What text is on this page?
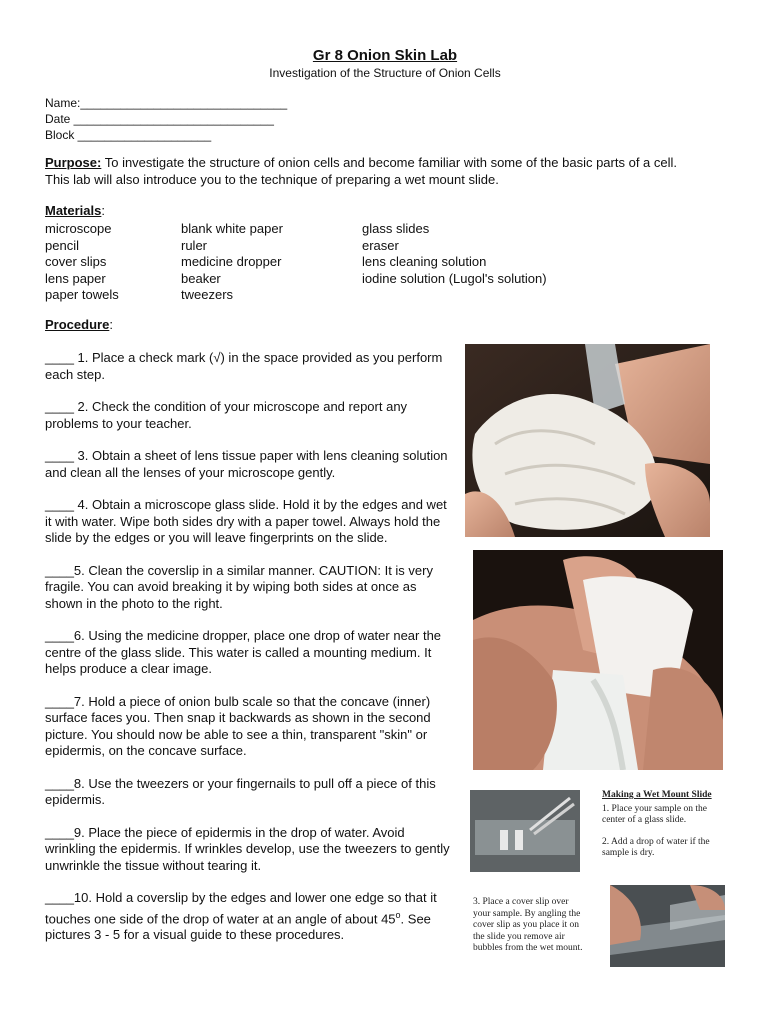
Gr 8 Onion Skin Lab
Investigation of the Structure of Onion Cells
Name:_______________________________
Date ______________________________
Block ____________________
Purpose: To investigate the structure of onion cells and become familiar with some of the basic parts of a cell. This lab will also introduce you to the technique of preparing a wet mount slide.
Materials:
microscope
pencil
cover slips
lens paper
paper towels
blank white paper
ruler
medicine dropper
beaker
tweezers
glass slides
eraser
lens cleaning solution
iodine solution (Lugol's solution)
Procedure:

____ 1. Place a check mark (√) in the space provided as you perform each step.

____ 2. Check the condition of your microscope and report any problems to your teacher.

____ 3. Obtain a sheet of lens tissue paper with lens cleaning solution and clean all the lenses of your microscope gently.

____ 4. Obtain a microscope glass slide. Hold it by the edges and wet it with water. Wipe both sides dry with a paper towel. Always hold the slide by the edges or you will leave fingerprints on the slide.

____5. Clean the coverslip in a similar manner. CAUTION: It is very fragile. You can avoid breaking it by wiping both sides at once as shown in the photo to the right.

____6. Using the medicine dropper, place one drop of water near the centre of the glass slide. This water is called a mounting medium. It helps produce a clear image.

____7. Hold a piece of onion bulb scale so that the concave (inner) surface faces you. Then snap it backwards as shown in the second picture. You should now be able to see a thin, transparent "skin" or epidermis, on the concave surface.

____8. Use the tweezers or your fingernails to pull off a piece of this epidermis.

____9. Place the piece of epidermis in the drop of water. Avoid wrinkling the epidermis. If wrinkles develop, use the tweezers to gently unwrinkle the tissue without tearing it.

____10. Hold a coverslip by the edges and lower one edge so that it touches one side of the drop of water at an angle of about 45$^o$. See pictures 3 - 5 for a visual guide to these procedures.

Making a Wet Mount Slide
1. Place your sample on the center of a glass slide.
2. Add a drop of water if the sample is dry.
3. Place a cover slip over your sample. By angling the cover slip as you place it on the slide you remove air bubbles from the wet mount.
